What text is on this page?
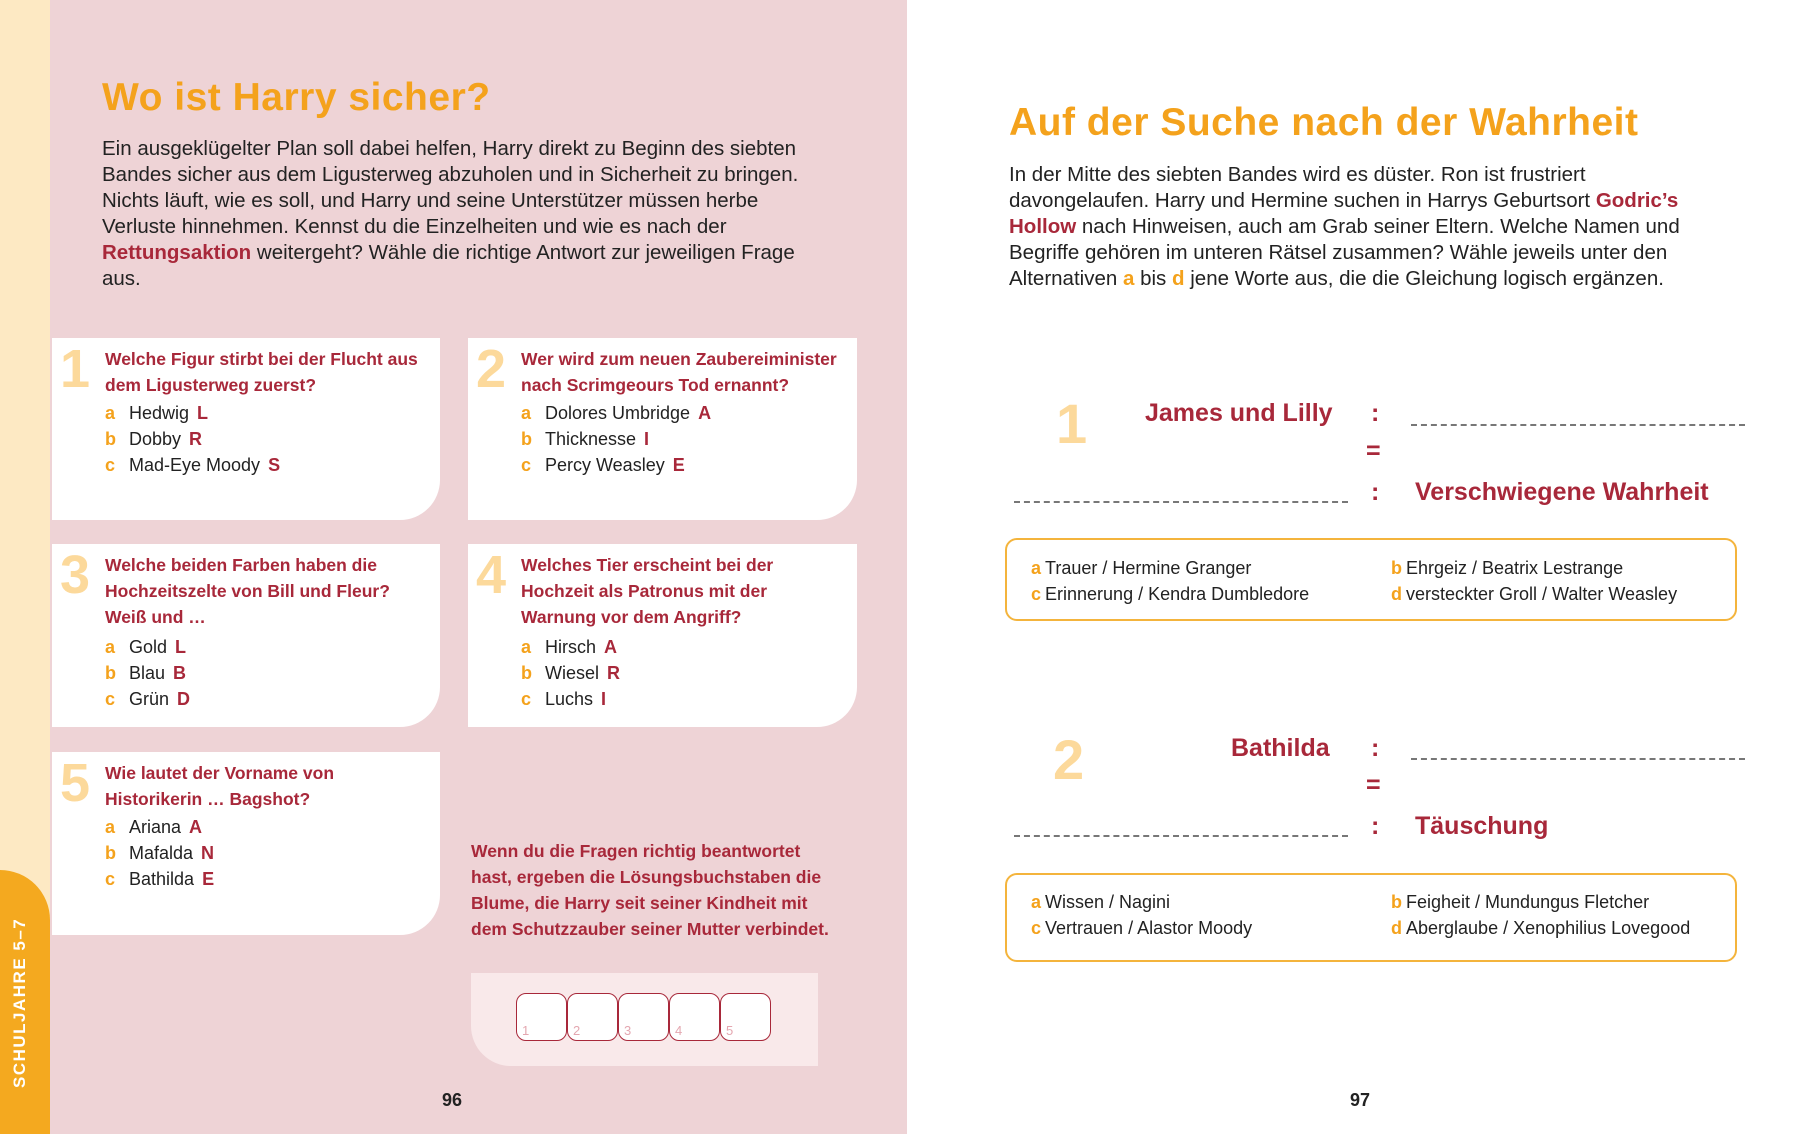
SCHULJAHRE 5–7
Wo ist Harry sicher?
Ein ausgeklügelter Plan soll dabei helfen, Harry direkt zu Beginn des siebten Bandes sicher aus dem Ligusterweg abzuholen und in Sicherheit zu bringen. Nichts läuft, wie es soll, und Harry und seine Unterstützer müssen herbe Verluste hinnehmen. Kennst du die Einzelheiten und wie es nach der Rettungsaktion weitergeht? Wähle die richtige Antwort zur jeweiligen Frage aus.
1 Welche Figur stirbt bei der Flucht aus dem Ligusterweg zuerst?
a Hedwig L
b Dobby R
c Mad-Eye Moody S
2 Wer wird zum neuen Zaubereiminister nach Scrimgeours Tod ernannt?
a Dolores Umbridge A
b Thicknesse I
c Percy Weasley E
3 Welche beiden Farben haben die Hochzeitszelte von Bill und Fleur? Weiß und …
a Gold L
b Blau B
c Grün D
4 Welches Tier erscheint bei der Hochzeit als Patronus mit der Warnung vor dem Angriff?
a Hirsch A
b Wiesel R
c Luchs I
5 Wie lautet der Vorname von Historikerin … Bagshot?
a Ariana A
b Mafalda N
c Bathilda E
Wenn du die Fragen richtig beantwortet hast, ergeben die Lösungsbuchstaben die Blume, die Harry seit seiner Kindheit mit dem Schutzzauber seiner Mutter verbindet.
1	2	3	4	5
96
Auf der Suche nach der Wahrheit
In der Mitte des siebten Bandes wird es düster. Ron ist frustriert davongelaufen. Harry und Hermine suchen in Harrys Geburtsort Godric’s Hollow nach Hinweisen, auch am Grab seiner Eltern. Welche Namen und Begriffe gehören im unteren Rätsel zusammen? Wähle jeweils unter den Alternativen a bis d jene Worte aus, die die Gleichung logisch ergänzen.
1 James und Lilly :
=
: Verschwiegene Wahrheit
a Trauer / Hermine Granger	b Ehrgeiz / Beatrix Lestrange
c Erinnerung / Kendra Dumbledore	d versteckter Groll / Walter Weasley
2	Bathilda :
=
: Täuschung
a Wissen / Nagini	b Feigheit / Mundungus Fletcher
c Vertrauen / Alastor Moody	d Aberglaube / Xenophilius Lovegood
97
